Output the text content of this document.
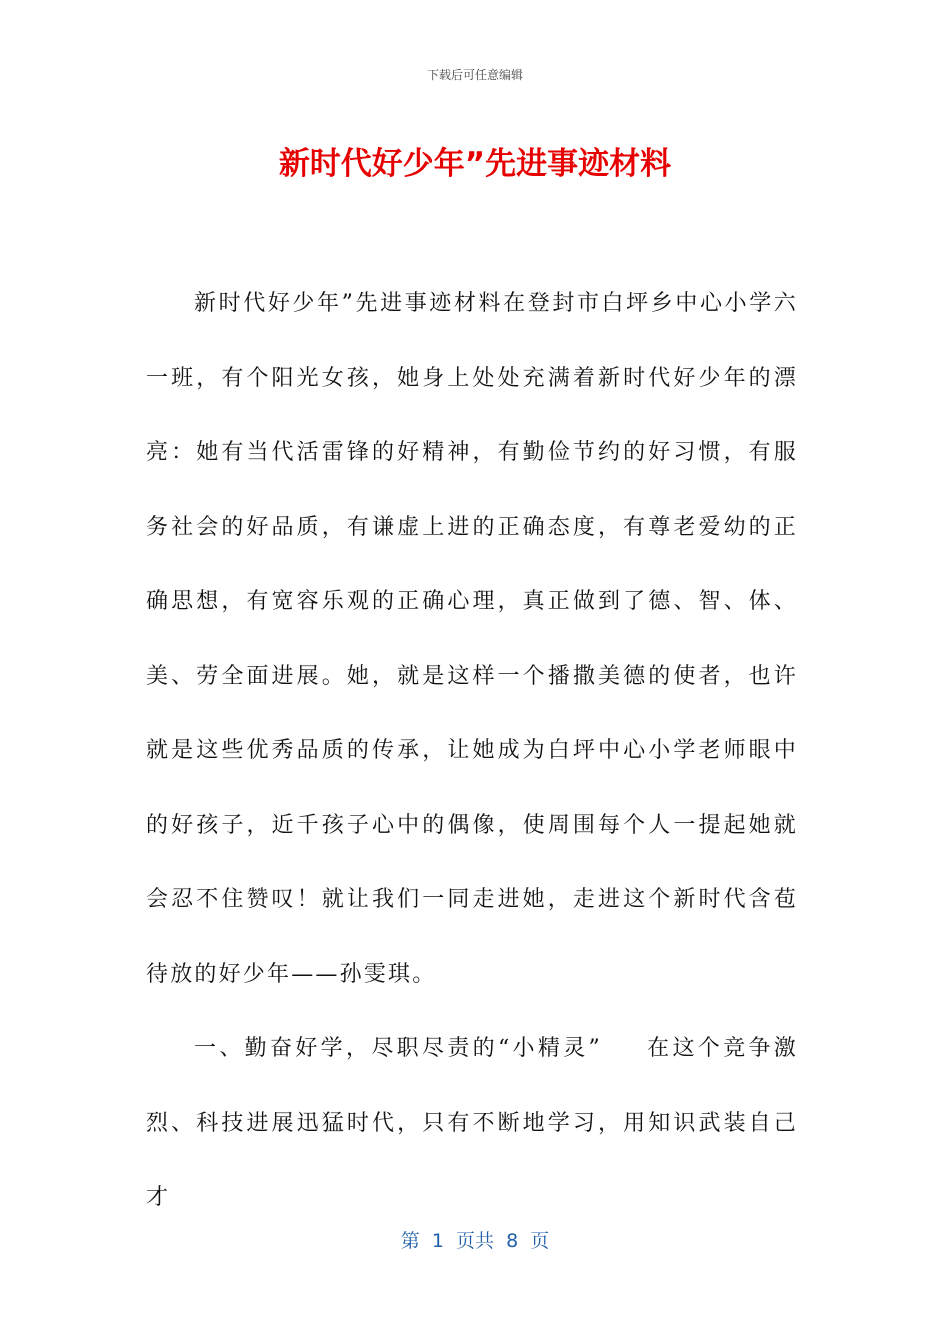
下载后可任意编辑
新时代好少年”先进事迹材料

新时代好少年”先进事迹材料在登封市白坪乡中心小学六一班，有个阳光女孩，她身上处处充满着新时代好少年的漂亮：她有当代活雷锋的好精神，有勤俭节约的好习惯，有服务社会的好品质，有谦虚上进的正确态度，有尊老爱幼的正确思想，有宽容乐观的正确心理，真正做到了德、智、体、美、劳全面进展。她，就是这样一个播撒美德的使者，也许就是这些优秀品质的传承，让她成为白坪中心小学老师眼中的好孩子，近千孩子心中的偶像，使周围每个人一提起她就会忍不住赞叹！就让我们一同走进她，走进这个新时代含苞待放的好少年——孙雯琪。

一、勤奋好学，尽职尽责的“小精灵” 在这个竞争激烈、科技进展迅猛时代，只有不断地学习，用知识武装自己才

第  1  页共  8  页
